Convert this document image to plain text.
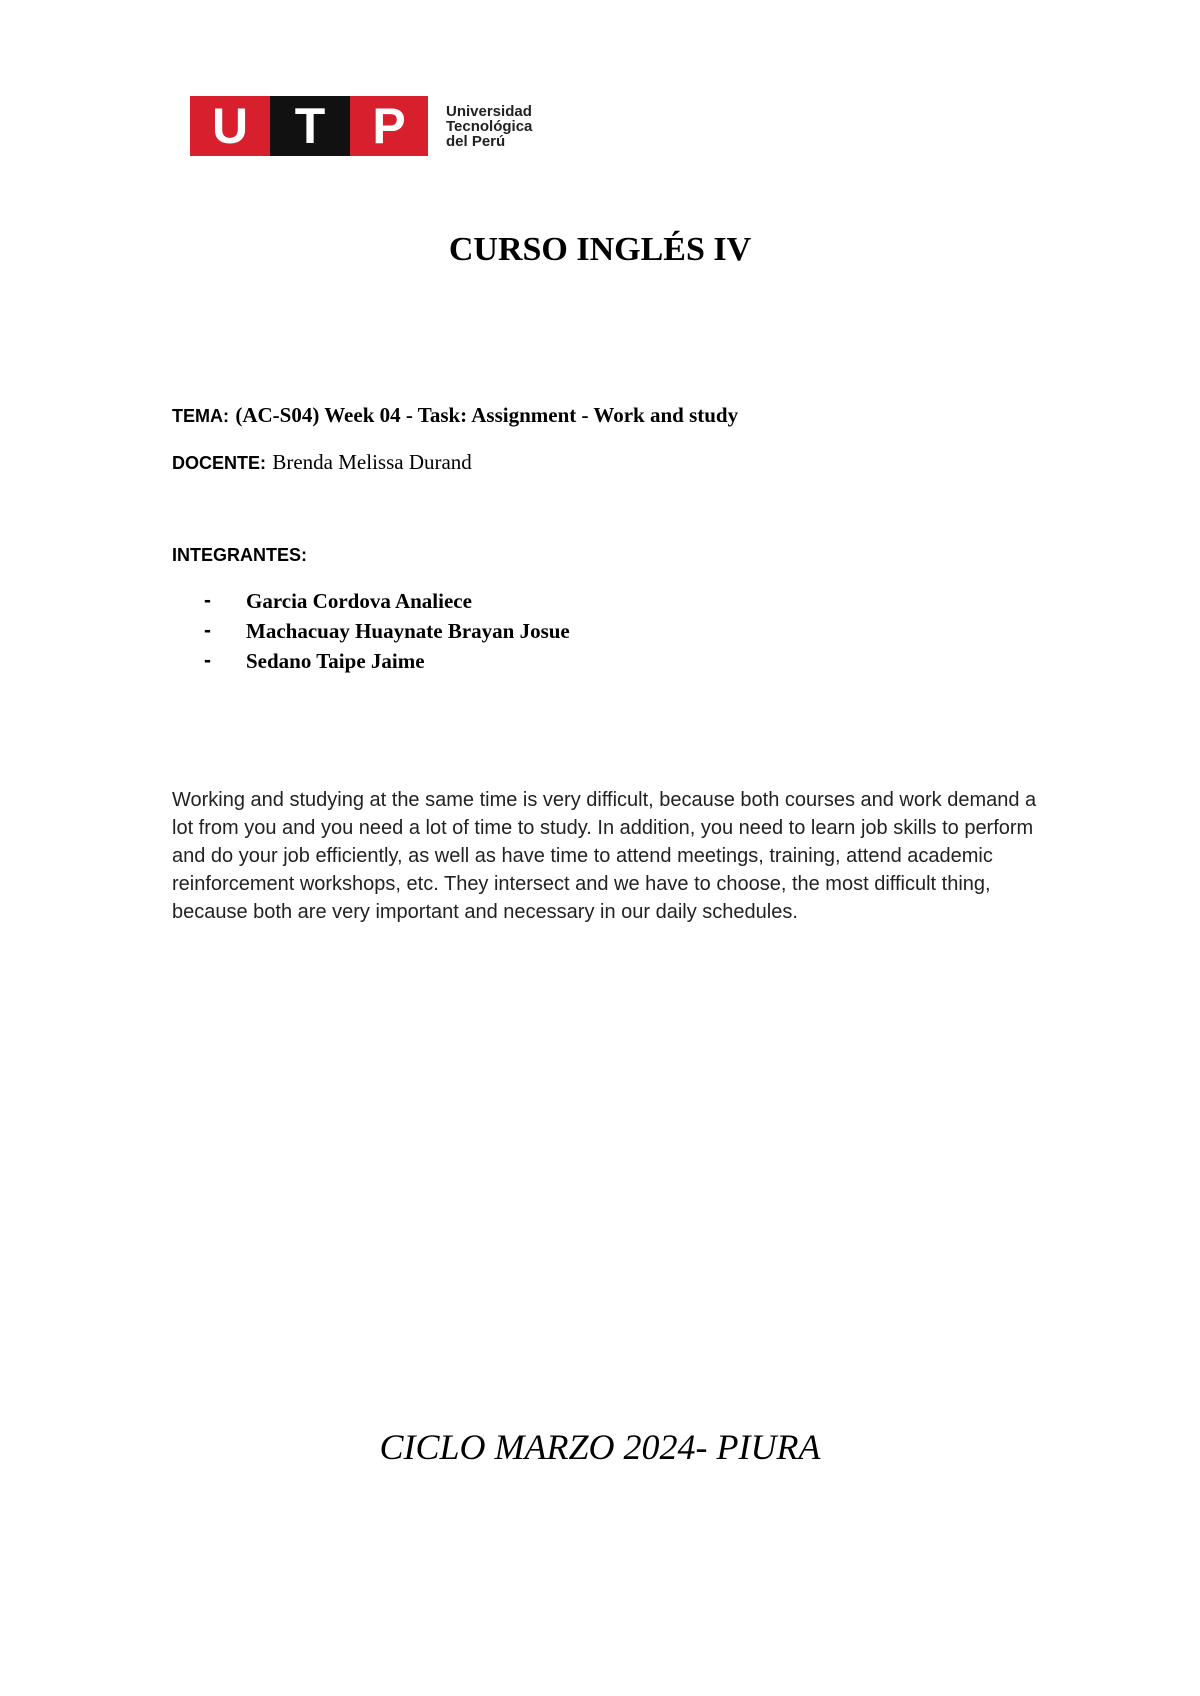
U T P	Universidad
Tecnológica
del Perú
CURSO INGLÉS IV
TEMA: (AC-S04) Week 04 - Task: Assignment - Work and study
DOCENTE: Brenda Melissa Durand
INTEGRANTES:
-	Garcia Cordova Analiece
-	Machacuay Huaynate Brayan Josue
-	Sedano Taipe Jaime
Working and studying at the same time is very difficult, because both courses and work demand a lot from you and you need a lot of time to study. In addition, you need to learn job skills to perform and do your job efficiently, as well as have time to attend meetings, training, attend academic reinforcement workshops, etc. They intersect and we have to choose, the most difficult thing, because both are very important and necessary in our daily schedules.
CICLO MARZO 2024- PIURA
